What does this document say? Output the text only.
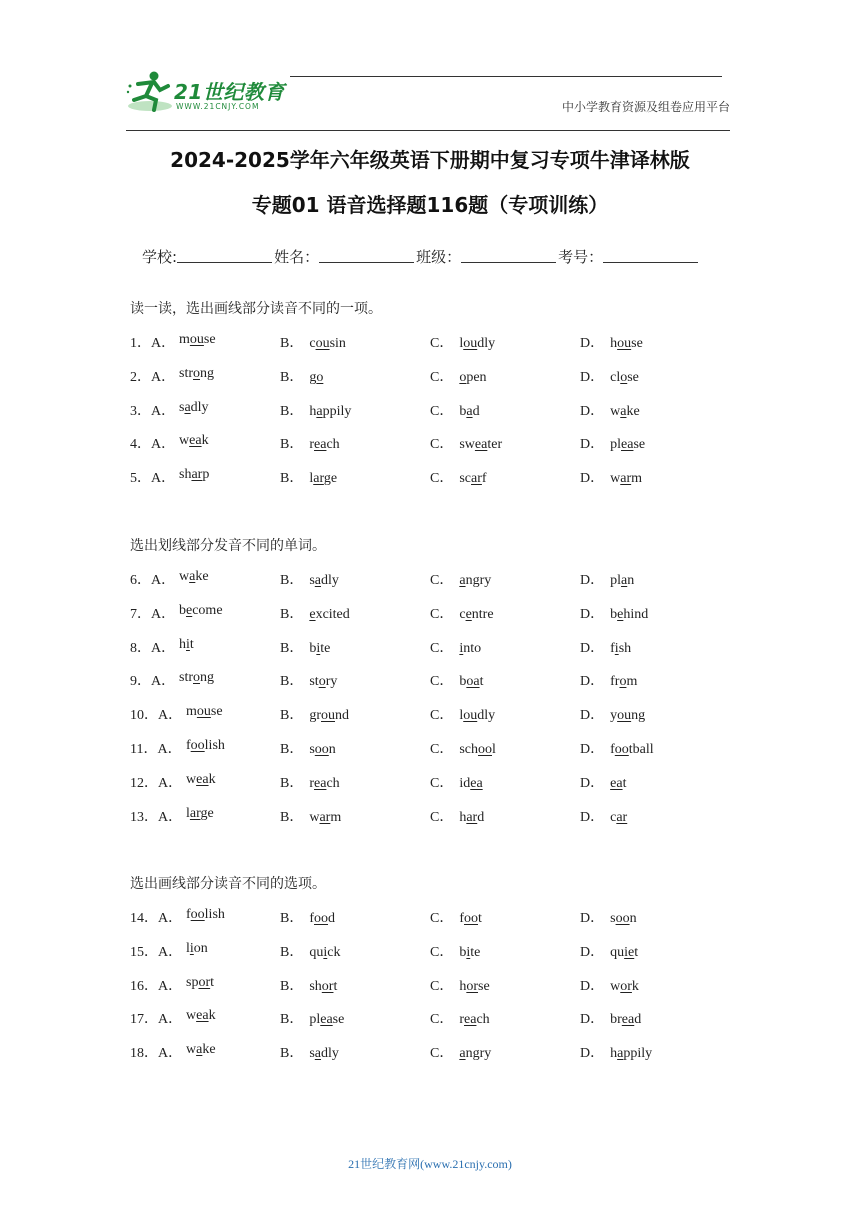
21世纪教育
WWW.21CNJY.COM	中小学教育资源及组卷应用平台
2024-2025学年六年级英语下册期中复习专项牛津译林版
专题01 语音选择题116题（专项训练）
学校:	姓名：	班级：	考号：
读一读，选出画线部分读音不同的一项。
1．A． mouse	B． cousin	C． loudly	D． house
2．A． strong	B． go	C． open	D． close
3．A． sadly	B． happily	C． bad	D． wake
4．A． weak	B． reach	C． sweater	D． please
5．A． sharp	B． large	C． scarf	D． warm
选出划线部分发音不同的单词。
6．A． wake	B． sadly	C． angry	D． plan
7．A． become	B． excited	C． centre	D． behind
8．A． hit	B． bite	C． into	D． fish
9．A． strong	B． story	C． boat	D． from
10．A． mouse	B． ground	C． loudly	D． young
11．A． foolish	B． soon	C． school	D． football
12．A． weak	B． reach	C． idea	D． eat
13．A． large	B． warm	C． hard	D． car
选出画线部分读音不同的选项。
14．A． foolish	B． food	C． foot	D． soon
15．A． lion	B． quick	C． bite	D． quiet
16．A． sport	B． short	C． horse	D． work
17．A． weak	B． please	C． reach	D． bread
18．A． wake	B． sadly	C． angry	D． happily
21世纪教育网(www.21cnjy.com)
